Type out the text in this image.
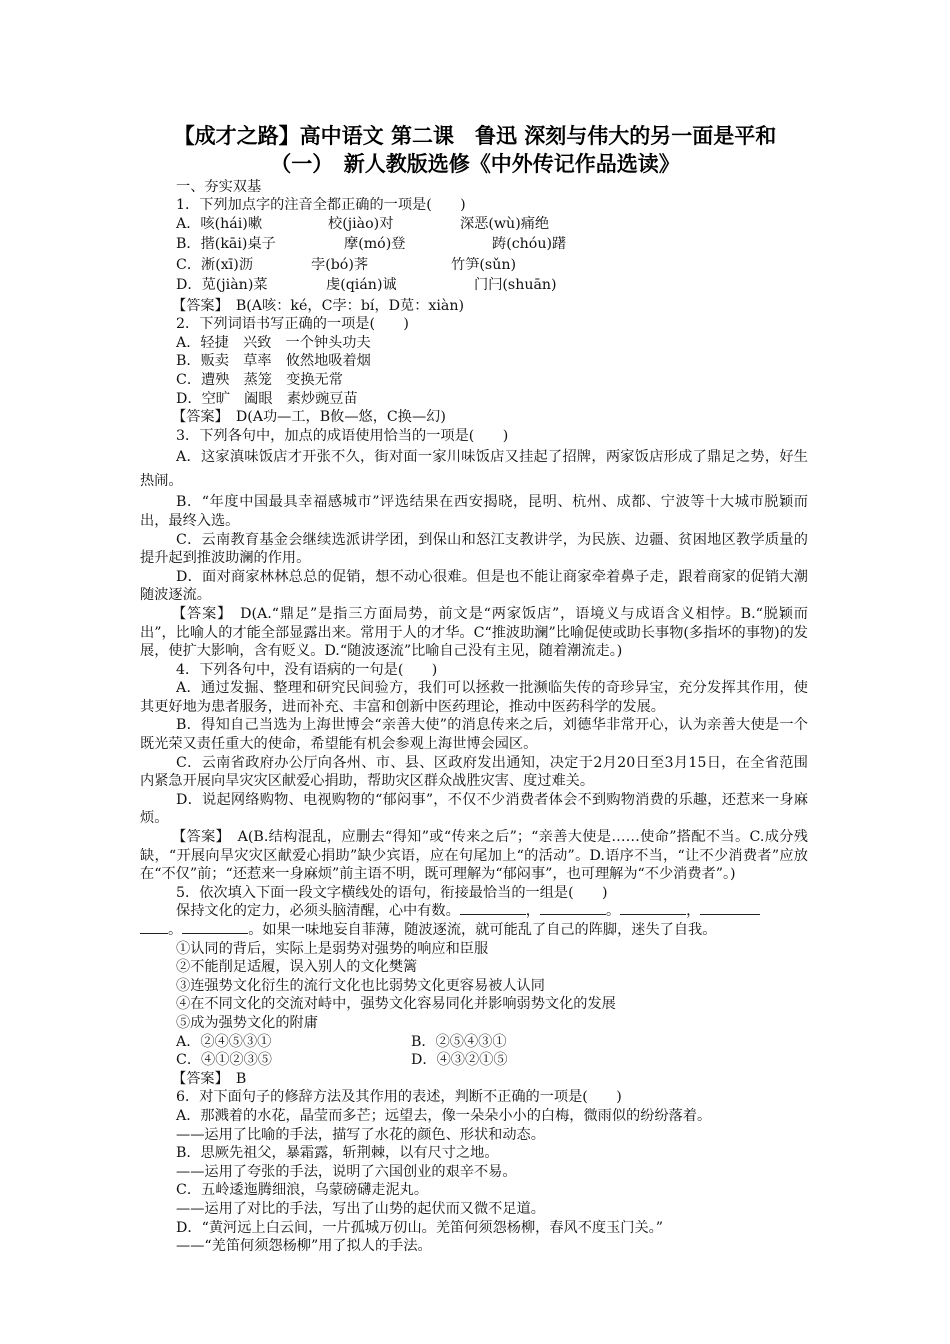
【成才之路】高中语文 第二课　鲁迅 深刻与伟大的另一面是平和
（一）　新人教版选修《中外传记作品选读》
一、夯实双基
1．下列加点字的注音全都正确的一项是(　　)
A．咳(hái)嗽	校(jiào)对	深恶(wù)痛绝
B．揩(kāi)桌子	摩(mó)登	踌(chóu)躇
C．淅(xī)沥	孛(bó)荠	竹笋(sǔn)
D．苋(jiàn)菜	虔(qián)诚	门闩(shuān)
【答案】　B(A咳：ké，C孛：bí，D苋：xiàn)
2．下列词语书写正确的一项是(　　)
A．轻捷　兴致　一个钟头功夫
B．贩卖　草率　攸然地吸着烟
C．遭殃　蒸笼　变换无常
D．空旷　阖眼　素炒豌豆苗
【答案】　D(A功—工，B攸—悠，C换—幻)
3．下列各句中，加点的成语使用恰当的一项是(　　)

A．这家滇味饭店才开张不久，街对面一家川味饭店又挂起了招牌，两家饭店形成了鼎足之势，好生热闹。

B．“年度中国最具幸福感城市”评选结果在西安揭晓，昆明、杭州、成都、宁波等十大城市脱颖而出，最终入选。

C．云南教育基金会继续选派讲学团，到保山和怒江支教讲学，为民族、边疆、贫困地区教学质量的提升起到推波助澜的作用。

D．面对商家林林总总的促销，想不动心很难。但是也不能让商家牵着鼻子走，跟着商家的促销大潮随波逐流。

【答案】　D(A.“鼎足”是指三方面局势，前文是“两家饭店”，语境义与成语含义相悖。B.“脱颖而出”，比喻人的才能全部显露出来。常用于人的才华。C“推波助澜”比喻促使或助长事物(多指坏的事物)的发展，使扩大影响，含有贬义。D.“随波逐流”比喻自己没有主见，随着潮流走。)

4．下列各句中，没有语病的一句是(　　)

A．通过发掘、整理和研究民间验方，我们可以拯救一批濒临失传的奇珍异宝，充分发挥其作用，使其更好地为患者服务，进而补充、丰富和创新中医药理论，推动中医药科学的发展。

B．得知自己当选为上海世博会“亲善大使”的消息传来之后，刘德华非常开心，认为亲善大使是一个既光荣又责任重大的使命，希望能有机会参观上海世博会园区。

C．云南省政府办公厅向各州、市、县、区政府发出通知，决定于2月20日至3月15日，在全省范围内紧急开展向旱灾灾区献爱心捐助，帮助灾区群众战胜灾害、度过难关。

D．说起网络购物、电视购物的“郁闷事”，不仅不少消费者体会不到购物消费的乐趣，还惹来一身麻烦。

【答案】　A(B.结构混乱，应删去“得知”或“传来之后”；“亲善大使是……使命”搭配不当。C.成分残缺，“开展向旱灾灾区献爱心捐助”缺少宾语，应在句尾加上“的活动”。D.语序不当，“让不少消费者”应放在“不仅”前；“还惹来一身麻烦”前主语不明，既可理解为“郁闷事”，也可理解为“不少消费者”。)

5．依次填入下面一段文字横线处的语句，衔接最恰当的一组是(　　)
保持文化的定力，必须头脑清醒，心中有数。	，	。	，
。	。如果一味地妄自菲薄，随波逐流，就可能乱了自己的阵脚，迷失了自我。
①认同的背后，实际上是弱势对强势的响应和臣服
②不能削足适履，误入别人的文化樊篱
③连强势文化衍生的流行文化也比弱势文化更容易被人认同
④在不同文化的交流对峙中，强势文化容易同化并影响弱势文化的发展
⑤成为强势文化的附庸
A．②④⑤③①	B．②⑤④③①
C．④①②③⑤	D．④③②①⑤
【答案】　B
6．对下面句子的修辞方法及其作用的表述，判断不正确的一项是(　　)
A．那溅着的水花，晶莹而多芒；远望去，像一朵朵小小的白梅，微雨似的纷纷落着。
——运用了比喻的手法，描写了水花的颜色、形状和动态。
B．思厥先祖父，暴霜露，斩荆棘，以有尺寸之地。
——运用了夸张的手法，说明了六国创业的艰辛不易。
C．五岭逶迤腾细浪，乌蒙磅礴走泥丸。
——运用了对比的手法，写出了山势的起伏而又微不足道。
D．“黄河远上白云间，一片孤城万仞山。羌笛何须怨杨柳，春风不度玉门关。”
——“羌笛何须怨杨柳”用了拟人的手法。
